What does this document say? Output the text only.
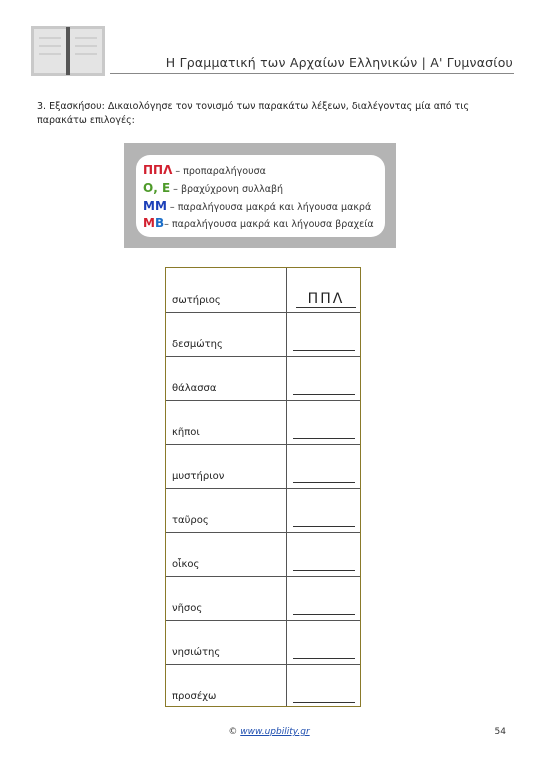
Η Γραμματική των Αρχαίων Ελληνικών | Α' Γυμνασίου
3. Εξασκήσου: Δικαιολόγησε τον τονισμό των παρακάτω λέξεων, διαλέγοντας μία από τις παρακάτω επιλογές:
ΠΠΛ – προπαραλήγουσα
Ο, Ε – βραχύχρονη συλλαβή
ΜΜ – παραλήγουσα μακρά και λήγουσα μακρά
ΜΒ– παραλήγουσα μακρά και λήγουσα βραχεία
σωτήριος
δεσμώτης
θάλασσα
κῆποι
μυστήριον
ταῦρος
οἶκος
νῆσος
νησιώτης
προσέχω
ΠΠΛ
© www.upbility.gr	54
